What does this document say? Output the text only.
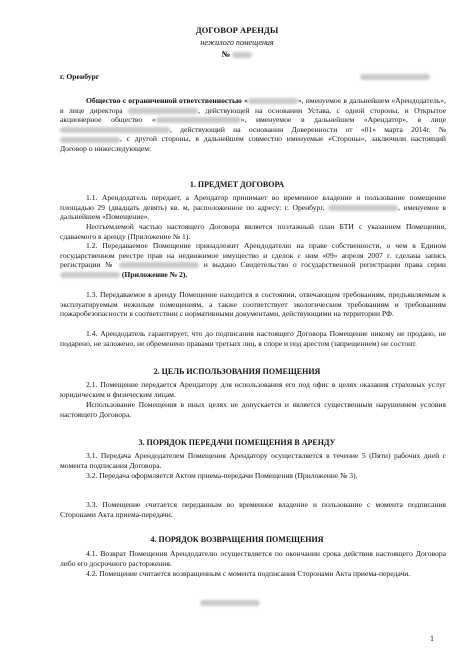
ДОГОВОР АРЕНДЫ
нежилого помещения
№
г. Оренбург
Общество с ограниченной ответственностью «	», именуемое в дальнейшем «Арендодатель», в лице директора	, действующей на основании Устава, с одной стороны, и Открытое акционерное общество «	», именуемое в дальнейшем «Арендатор», в лице , действующий на основании Доверенности от «01» марта 2014г. №, с другой стороны, в дальнейшем совместно именуемые «Стороны», заключили настоящий Договор о нижеследующем:
1. ПРЕДМЕТ ДОГОВОРА
1.1. Арендодатель передает, а Арендатор принимает во временное владение и пользование помещение площадью 29 (двадцать девять) кв. м, расположенное по адресу: г. Оренбург,	, именуемое в дальнейшем «Помещение».
Неотъемлемой частью настоящего Договора является поэтажный план БТИ с указанием Помещения, сдаваемого в аренду (Приложение № 1).
1.2. Передаваемое Помещение принадлежит Арендодателю на праве собственности, о чем в Едином государственном реестре прав на недвижимое имущество и сделок с ним «09» апреля 2007 г. сделана запись регистрации №	и выдано Свидетельство о государственной регистрации права серии  (Приложение № 2).
1.3. Передаваемое в аренду Помещение находится в состоянии, отвечающем требованиям, предъявляемым к эксплуатируемым нежилым помещениям, а также соответствует экологическим требованиям и требованиям пожаробезопасности в соответствии с нормативными документами, действующими на территории РФ.
1.4. Арендодатель гарантирует, что до подписания настоящего Договора Помещение никому не продано, не подарено, не заложено, не обременено правами третьих лиц, в споре и под арестом (запрещением) не состоит.
2. ЦЕЛЬ ИСПОЛЬЗОВАНИЯ ПОМЕЩЕНИЯ
2.1. Помещение передается Арендатору для использования его под офис в целях оказания страховых услуг юридическим и физическим лицам.
Использование Помещения в иных целях не допускается и является существенным нарушением условия настоящего Договора.
3. ПОРЯДОК ПЕРЕДАЧИ ПОМЕЩЕНИЯ В АРЕНДУ
3.1. Передача Арендодателем Помещения Арендатору осуществляется в течение 5 (Пяти) рабочих дней с момента подписания Договора.
3.2. Передача оформляется Актом приема-передачи Помещения (Приложение № 3).
3.3. Помещение считается переданным во временное владение и пользование с момента подписания Сторонами Акта приема-передачи.
4. ПОРЯДОК ВОЗВРАЩЕНИЯ ПОМЕЩЕНИЯ
4.1. Возврат Помещения Арендодателю осуществляется по окончании срока действия настоящего Договора либо его досрочного расторжения.
4.2. Помещение считается возвращенным с момента подписания Сторонами Акта приема-передачи.
1
